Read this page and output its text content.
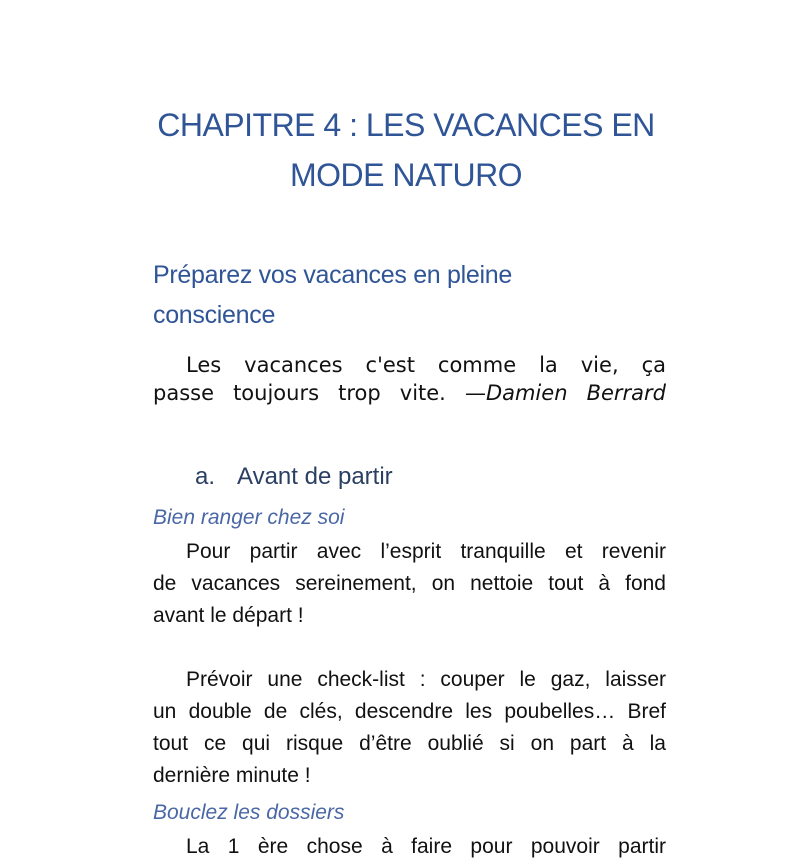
CHAPITRE 4 : LES VACANCES EN
MODE NATURO
Préparez vos vacances en pleine
conscience
Les vacances c'est comme la vie, ça
passe toujours trop vite. —Damien Berrard
a. Avant de partir
Bien ranger chez soi
Pour partir avec l’esprit tranquille et revenir
de vacances sereinement, on nettoie tout à fond
avant le départ !
Prévoir une check-list : couper le gaz, laisser
un double de clés, descendre les poubelles… Bref
tout ce qui risque d’être oublié si on part à la
dernière minute !
Bouclez les dossiers
La 1 ère chose à faire pour pouvoir partir
